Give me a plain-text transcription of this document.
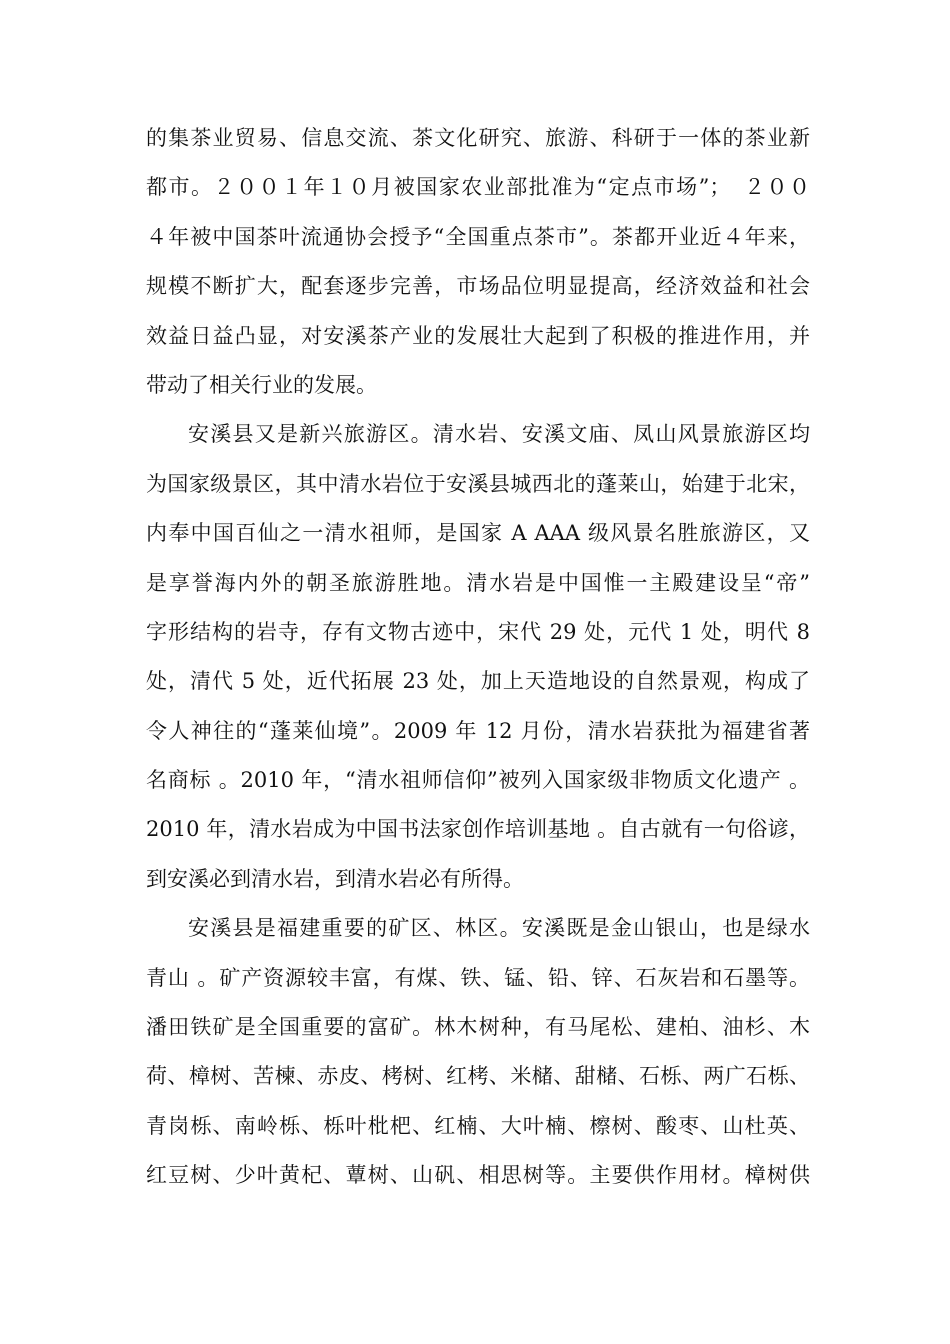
的集茶业贸易、信息交流、茶文化研究、旅游、科研于一体的茶业新
都市。２００１年１０月被国家农业部批准为“定点市场”；　２００
４年被中国茶叶流通协会授予“全国重点茶市”。茶都开业近４年来，
规模不断扩大，配套逐步完善，市场品位明显提高，经济效益和社会
效益日益凸显，对安溪茶产业的发展壮大起到了积极的推进作用，并
带动了相关行业的发展。
安溪县又是新兴旅游区。清水岩、安溪文庙、凤山风景旅游区均
为国家级景区，其中清水岩位于安溪县城西北的蓬莱山，始建于北宋，
内奉中国百仙之一清水祖师，是国家 A AAA 级风景名胜旅游区，又
是享誉海内外的朝圣旅游胜地。清水岩是中国惟一主殿建设呈“帝”
字形结构的岩寺，存有文物古迹中，宋代 29 处，元代 1 处，明代 8
处，清代 5 处，近代拓展 23 处，加上天造地设的自然景观，构成了
令人神往的“蓬莱仙境”。2009 年 12 月份，清水岩获批为福建省著
名商标 。2010 年，“清水祖师信仰”被列入国家级非物质文化遗产 。
2010 年，清水岩成为中国书法家创作培训基地 。自古就有一句俗谚，
到安溪必到清水岩，到清水岩必有所得。
安溪县是福建重要的矿区、林区。安溪既是金山银山，也是绿水
青山 。矿产资源较丰富，有煤、铁、锰、铅、锌、石灰岩和石墨等。
潘田铁矿是全国重要的富矿。林木树种，有马尾松、建柏、油杉、木
荷、樟树、苦楝、赤皮、栲树、红栲、米槠、甜槠、石栎、两广石栎、
青岗栎、南岭栎、栎叶枇杷、红楠、大叶楠、檫树、酸枣、山杜英、
红豆树、少叶黄杞、蕈树、山矾、相思树等。主要供作用材。樟树供
